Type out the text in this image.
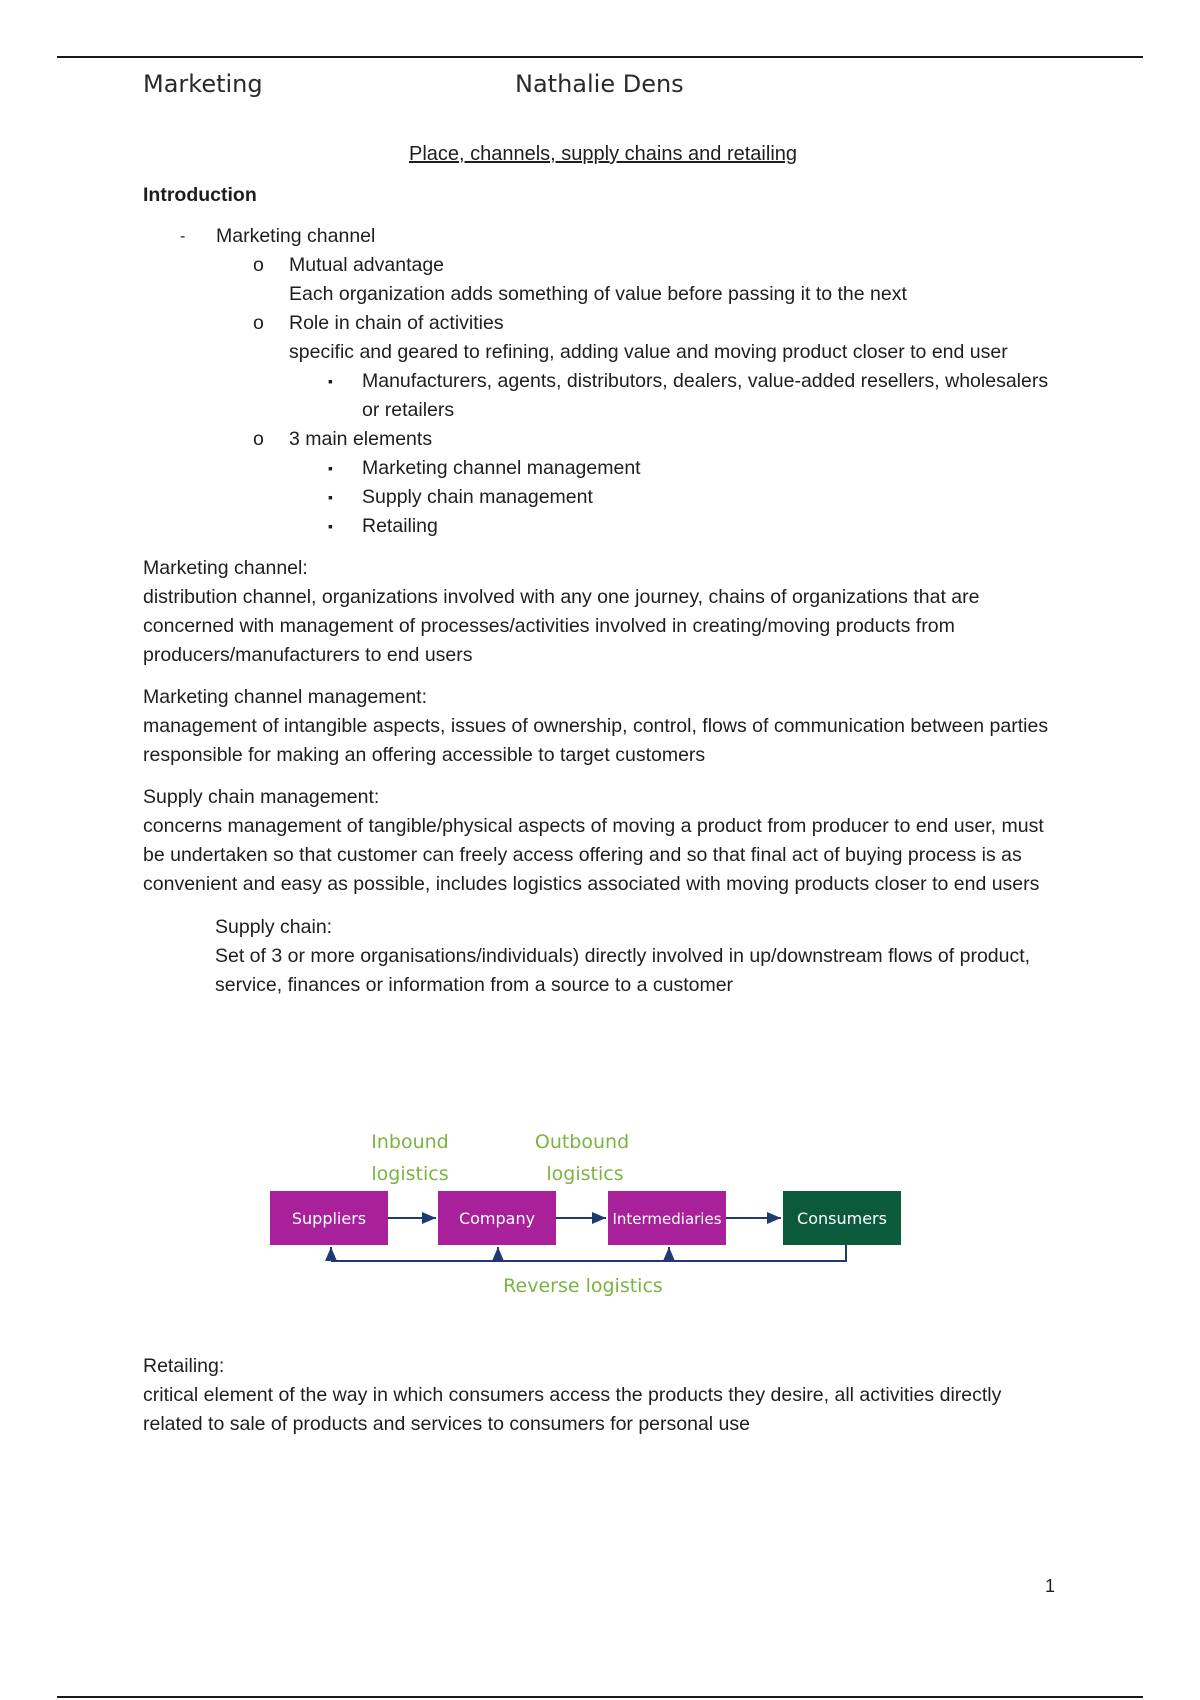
Marketing	Nathalie Dens
Place, channels, supply chains and retailing
Introduction
- Marketing channel
o Mutual advantage
Each organization adds something of value before passing it to the next
o Role in chain of activities
specific and geared to refining, adding value and moving product closer to end user
▪ Manufacturers, agents, distributors, dealers, value-added resellers, wholesalers or retailers
o 3 main elements
▪ Marketing channel management
▪ Supply chain management
▪ Retailing

Marketing channel:

distribution channel, organizations involved with any one journey, chains of organizations that are concerned with management of processes/activities involved in creating/moving products from producers/manufacturers to end users

Marketing channel management:

management of intangible aspects, issues of ownership, control, flows of communication between parties responsible for making an offering accessible to target customers

Supply chain management:

concerns management of tangible/physical aspects of moving a product from producer to end user, must be undertaken so that customer can freely access offering and so that final act of buying process is as convenient and easy as possible, includes logistics associated with moving products closer to end users

Supply chain:

Set of 3 or more organisations/individuals) directly involved in up/downstream flows of product, service, finances or information from a source to a customer

Inbound
logistics
Outbound
logistics
Suppliers	Company	Intermediaries	Consumers
Reverse logistics

Retailing:

critical element of the way in which consumers access the products they desire, all activities directly related to sale of products and services to consumers for personal use

1
